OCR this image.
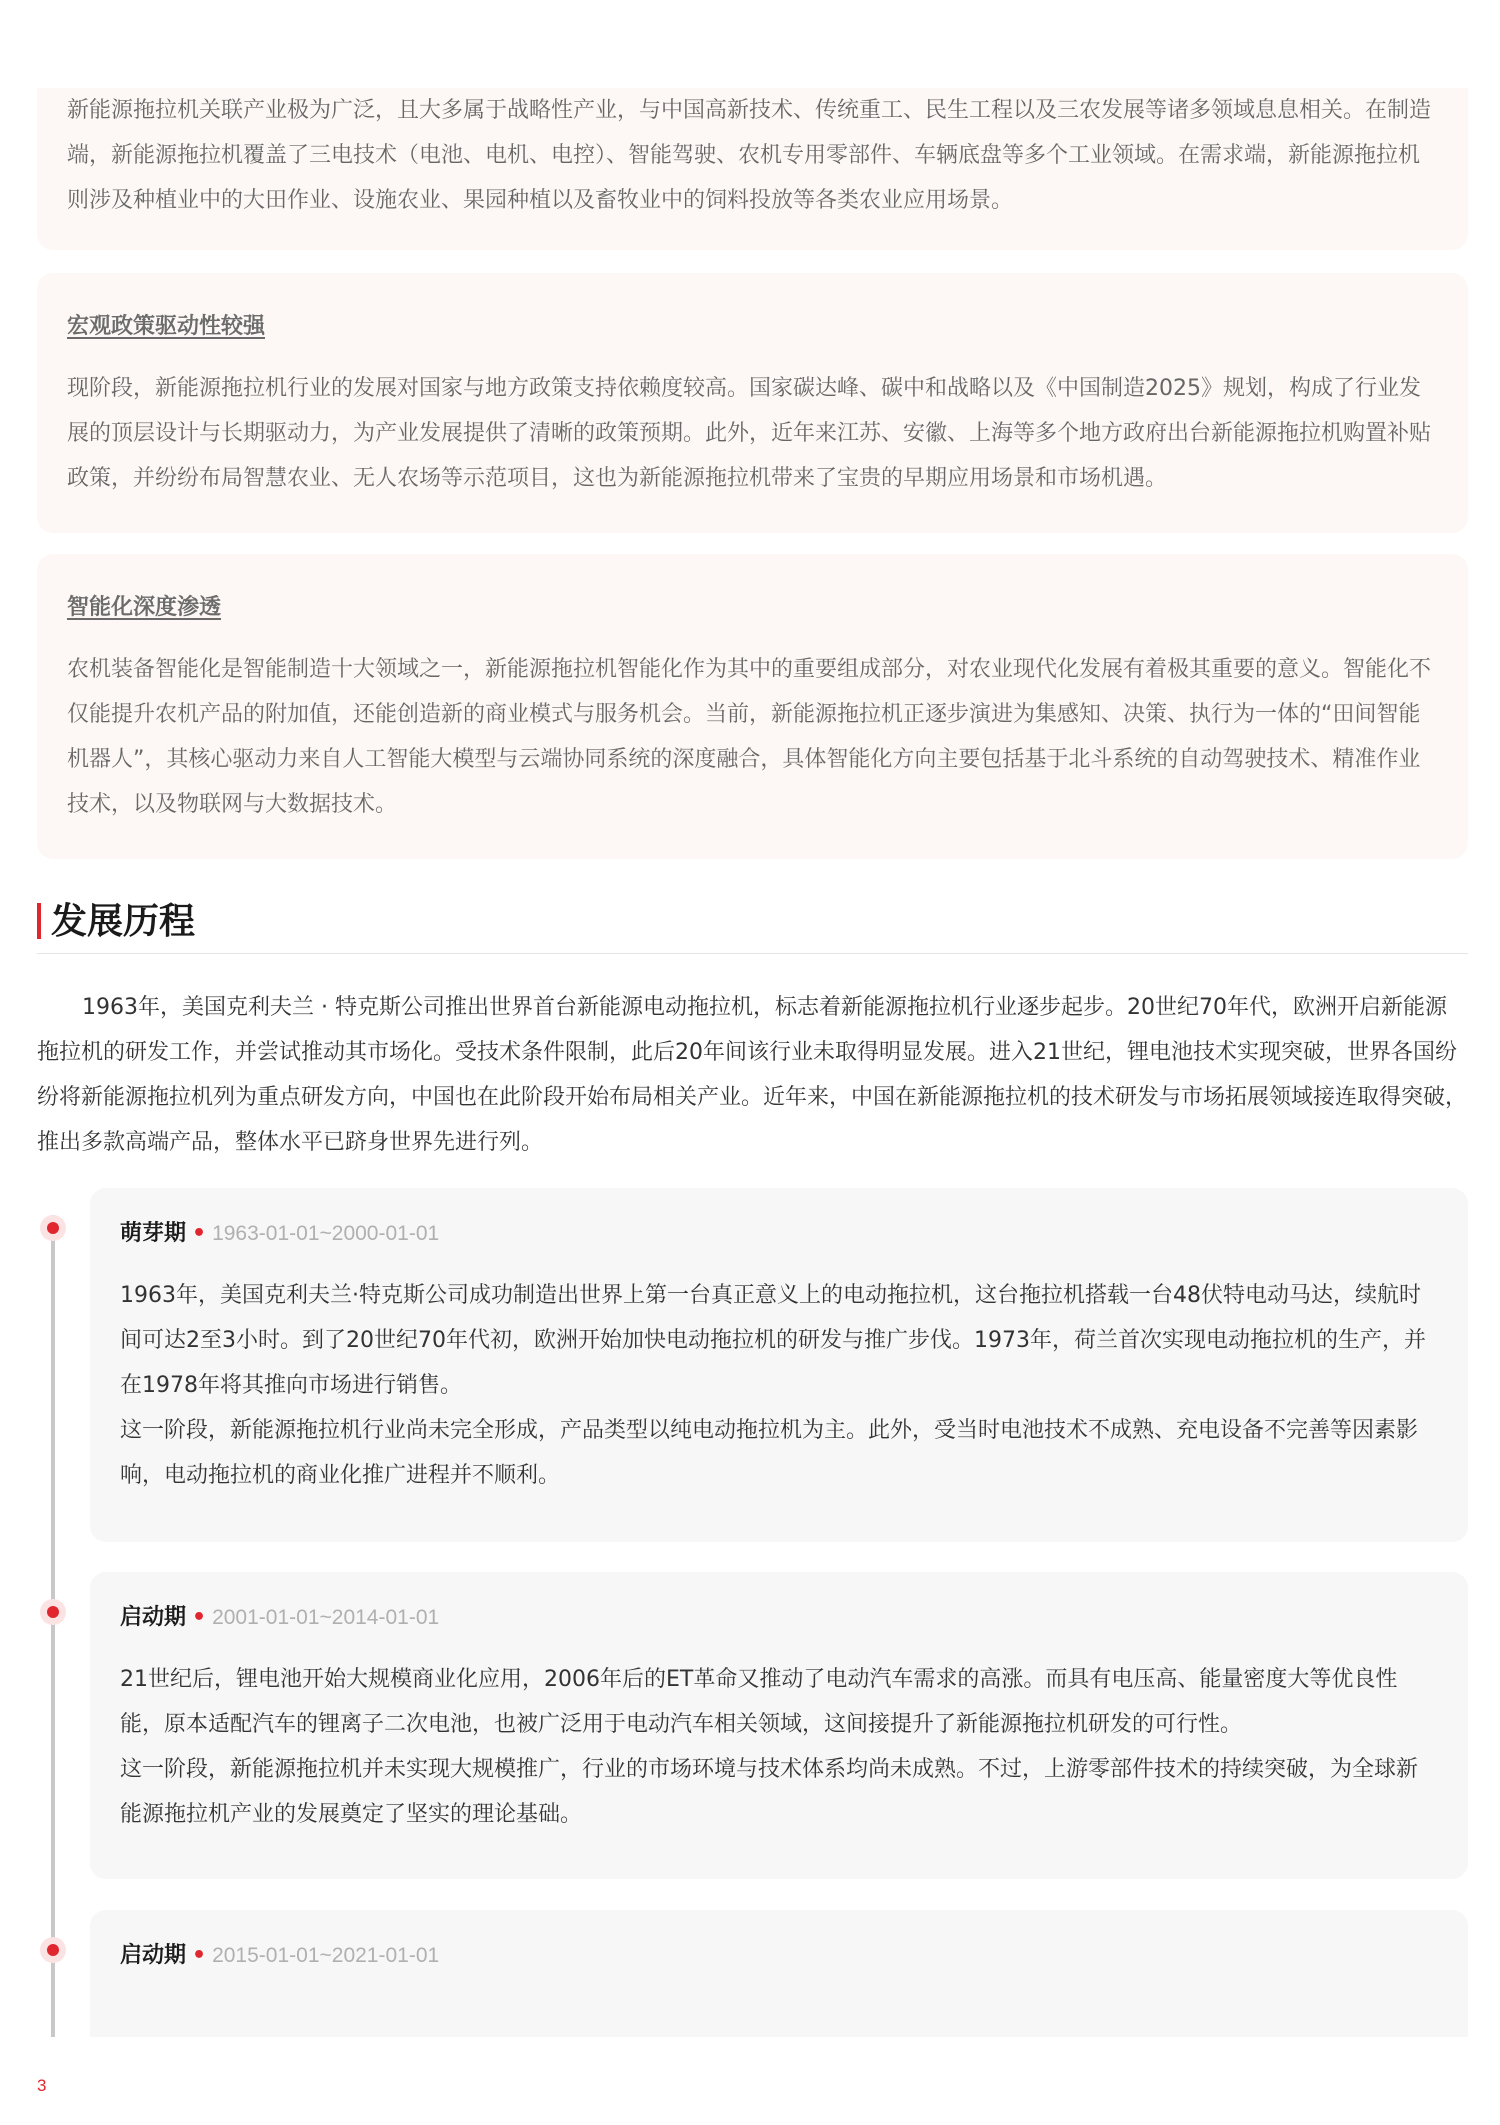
新能源拖拉机关联产业极为广泛，且大多属于战略性产业，与中国高新技术、传统重工、民生工程以及三农发展等诸多领域息息相关。在制造端，新能源拖拉机覆盖了三电技术（电池、电机、电控）、智能驾驶、农机专用零部件、车辆底盘等多个工业领域。在需求端，新能源拖拉机则涉及种植业中的大田作业、设施农业、果园种植以及畜牧业中的饲料投放等各类农业应用场景。
宏观政策驱动性较强
现阶段，新能源拖拉机行业的发展对国家与地方政策支持依赖度较高。国家碳达峰、碳中和战略以及《中国制造2025》规划，构成了行业发展的顶层设计与长期驱动力，为产业发展提供了清晰的政策预期。此外，近年来江苏、安徽、上海等多个地方政府出台新能源拖拉机购置补贴政策，并纷纷布局智慧农业、无人农场等示范项目，这也为新能源拖拉机带来了宝贵的早期应用场景和市场机遇。
智能化深度渗透
农机装备智能化是智能制造十大领域之一，新能源拖拉机智能化作为其中的重要组成部分，对农业现代化发展有着极其重要的意义。智能化不仅能提升农机产品的附加值，还能创造新的商业模式与服务机会。当前，新能源拖拉机正逐步演进为集感知、决策、执行为一体的“田间智能机器人”，其核心驱动力来自人工智能大模型与云端协同系统的深度融合，具体智能化方向主要包括基于北斗系统的自动驾驶技术、精准作业技术，以及物联网与大数据技术。
发展历程
1963年，美国克利夫兰 · 特克斯公司推出世界首台新能源电动拖拉机，标志着新能源拖拉机行业逐步起步。20世纪70年代，欧洲开启新能源拖拉机的研发工作，并尝试推动其市场化。受技术条件限制，此后20年间该行业未取得明显发展。进入21世纪，锂电池技术实现突破，世界各国纷纷将新能源拖拉机列为重点研发方向，中国也在此阶段开始布局相关产业。近年来，中国在新能源拖拉机的技术研发与市场拓展领域接连取得突破，推出多款高端产品，整体水平已跻身世界先进行列。
萌芽期 • 1963-01-01~2000-01-01

1963年，美国克利夫兰·特克斯公司成功制造出世界上第一台真正意义上的电动拖拉机，这台拖拉机搭载一台48伏特电动马达，续航时间可达2至3小时。到了20世纪70年代初，欧洲开始加快电动拖拉机的研发与推广步伐。1973年，荷兰首次实现电动拖拉机的生产，并在1978年将其推向市场进行销售。

这一阶段，新能源拖拉机行业尚未完全形成，产品类型以纯电动拖拉机为主。此外，受当时电池技术不成熟、充电设备不完善等因素影响，电动拖拉机的商业化推广进程并不顺利。

启动期 • 2001-01-01~2014-01-01

21世纪后，锂电池开始大规模商业化应用，2006年后的ET革命又推动了电动汽车需求的高涨。而具有电压高、能量密度大等优良性能，原本适配汽车的锂离子二次电池，也被广泛用于电动汽车相关领域，这间接提升了新能源拖拉机研发的可行性。

这一阶段，新能源拖拉机并未实现大规模推广，行业的市场环境与技术体系均尚未成熟。不过，上游零部件技术的持续突破，为全球新能源拖拉机产业的发展奠定了坚实的理论基础。

启动期 • 2015-01-01~2021-01-01
3
